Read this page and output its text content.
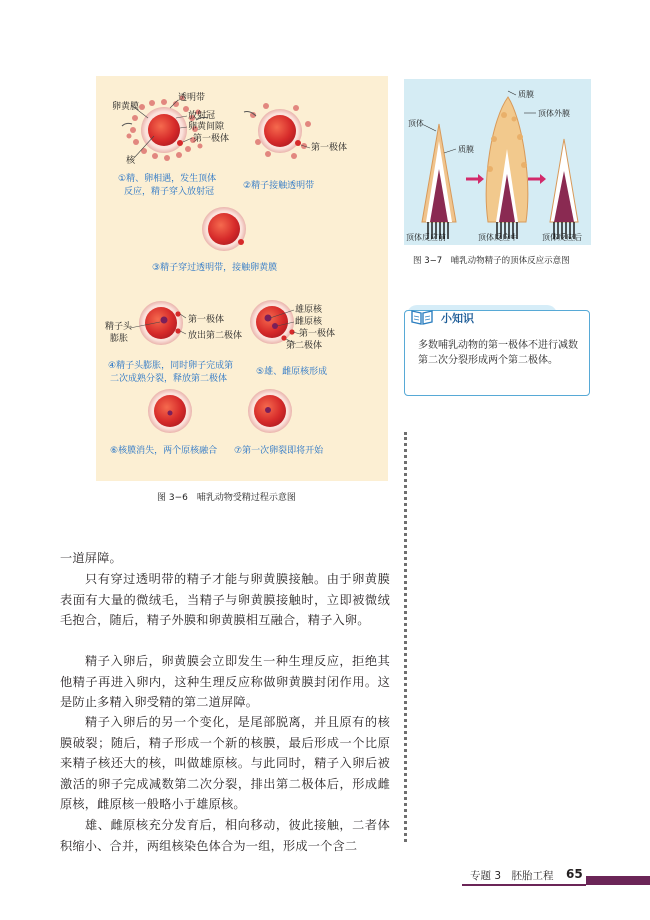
卵黄膜
透明带
放射冠
卵黄间隙
第一极体
核
第一极体
①精、卵相遇，发生顶体
反应，精子穿入放射冠
②精子接触透明带
③精子穿过透明带，接触卵黄膜
精子头
膨胀
第一极体
放出第二极体
雄原核
雌原核
第一极体
第二极体
④精子头膨胀，同时卵子完成第
二次成熟分裂，释放第二极体
⑤雄、雌原核形成
⑥核膜消失，两个原核融合 ⑦第一次卵裂即将开始
图 3−6　哺乳动物受精过程示意图
质膜
顶体外膜
顶体
质膜
顶体反应前	顶体反应中	顶体反应后
图 3−7　哺乳动物精子的顶体反应示意图
小知识
多数哺乳动物的第一极体不进行减数第二次分裂形成两个第二极体。
一道屏障。
只有穿过透明带的精子才能与卵黄膜接触。由于卵黄膜表面有大量的微绒毛，当精子与卵黄膜接触时，立即被微绒毛抱合，随后，精子外膜和卵黄膜相互融合，精子入卵。
精子入卵后，卵黄膜会立即发生一种生理反应，拒绝其他精子再进入卵内，这种生理反应称做卵黄膜封闭作用。这是防止多精入卵受精的第二道屏障。
精子入卵后的另一个变化，是尾部脱离，并且原有的核膜破裂；随后，精子形成一个新的核膜，最后形成一个比原来精子核还大的核，叫做雄原核。与此同时，精子入卵后被激活的卵子完成减数第二次分裂，排出第二极体后，形成雌原核，雌原核一般略小于雄原核。
雄、雌原核充分发育后，相向移动，彼此接触，二者体积缩小、合并，两组核染色体合为一组，形成一个含二
专题 3　胚胎工程 65
